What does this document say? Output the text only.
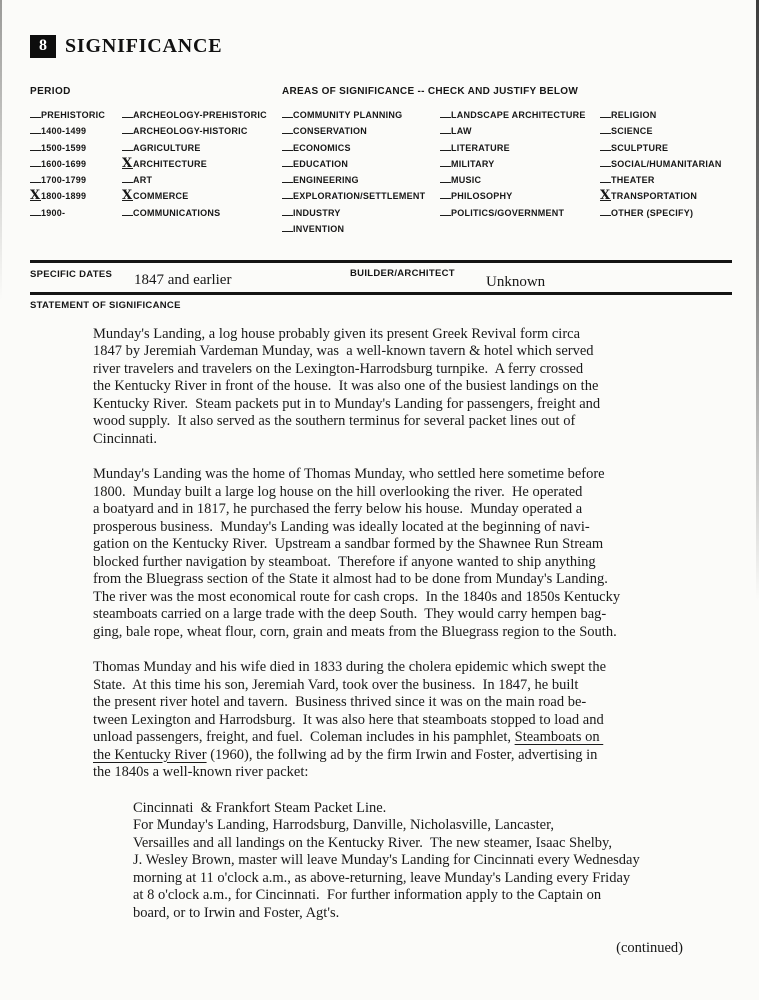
8 SIGNIFICANCE
PERIOD	AREAS OF SIGNIFICANCE -- CHECK AND JUSTIFY BELOW
PREHISTORIC
1400-1499
1500-1599
1600-1699
1700-1799
X1800-1899
1900-
ARCHEOLOGY-PREHISTORIC
ARCHEOLOGY-HISTORIC
AGRICULTURE
XARCHITECTURE
ART
XCOMMERCE
COMMUNICATIONS
COMMUNITY PLANNING
CONSERVATION
ECONOMICS
EDUCATION
ENGINEERING
EXPLORATION/SETTLEMENT
INDUSTRY
INVENTION
LANDSCAPE ARCHITECTURE
LAW
LITERATURE
MILITARY
MUSIC
PHILOSOPHY
POLITICS/GOVERNMENT
RELIGION
SCIENCE
SCULPTURE
SOCIAL/HUMANITARIAN
THEATER
XTRANSPORTATION
OTHER (SPECIFY)
SPECIFIC DATES 1847 and earlier	BUILDER/ARCHITECT
Unknown
STATEMENT OF SIGNIFICANCE
Munday's Landing, a log house probably given its present Greek Revival form circa
1847 by Jeremiah Vardeman Munday, was  a well-known tavern & hotel which served
river travelers and travelers on the Lexington-Harrodsburg turnpike.  A ferry crossed
the Kentucky River in front of the house.  It was also one of the busiest landings on the
Kentucky River.  Steam packets put in to Munday's Landing for passengers, freight and
wood supply.  It also served as the southern terminus for several packet lines out of
Cincinnati.
Munday's Landing was the home of Thomas Munday, who settled here sometime before
1800.  Munday built a large log house on the hill overlooking the river.  He operated
a boatyard and in 1817, he purchased the ferry below his house.  Munday operated a
prosperous business.  Munday's Landing was ideally located at the beginning of navi-
gation on the Kentucky River.  Upstream a sandbar formed by the Shawnee Run Stream
blocked further navigation by steamboat.  Therefore if anyone wanted to ship anything
from the Bluegrass section of the State it almost had to be done from Munday's Landing.
The river was the most economical route for cash crops.  In the 1840s and 1850s Kentucky
steamboats carried on a large trade with the deep South.  They would carry hempen bag-
ging, bale rope, wheat flour, corn, grain and meats from the Bluegrass region to the South.
Thomas Munday and his wife died in 1833 during the cholera epidemic which swept the
State.  At this time his son, Jeremiah Vard, took over the business.  In 1847, he built
the present river hotel and tavern.  Business thrived since it was on the main road be-
tween Lexington and Harrodsburg.  It was also here that steamboats stopped to load and
unload passengers, freight, and fuel.  Coleman includes in his pamphlet, Steamboats on
the Kentucky River (1960), the follwing ad by the firm Irwin and Foster, advertising in
the 1840s a well-known river packet:
Cincinnati  & Frankfort Steam Packet Line.
For Munday's Landing, Harrodsburg, Danville, Nicholasville, Lancaster,
Versailles and all landings on the Kentucky River.  The new steamer, Isaac Shelby,
J. Wesley Brown, master will leave Munday's Landing for Cincinnati every Wednesday
morning at 11 o'clock a.m., as above-returning, leave Munday's Landing every Friday
at 8 o'clock a.m., for Cincinnati.  For further information apply to the Captain on
board, or to Irwin and Foster, Agt's.
(continued)
